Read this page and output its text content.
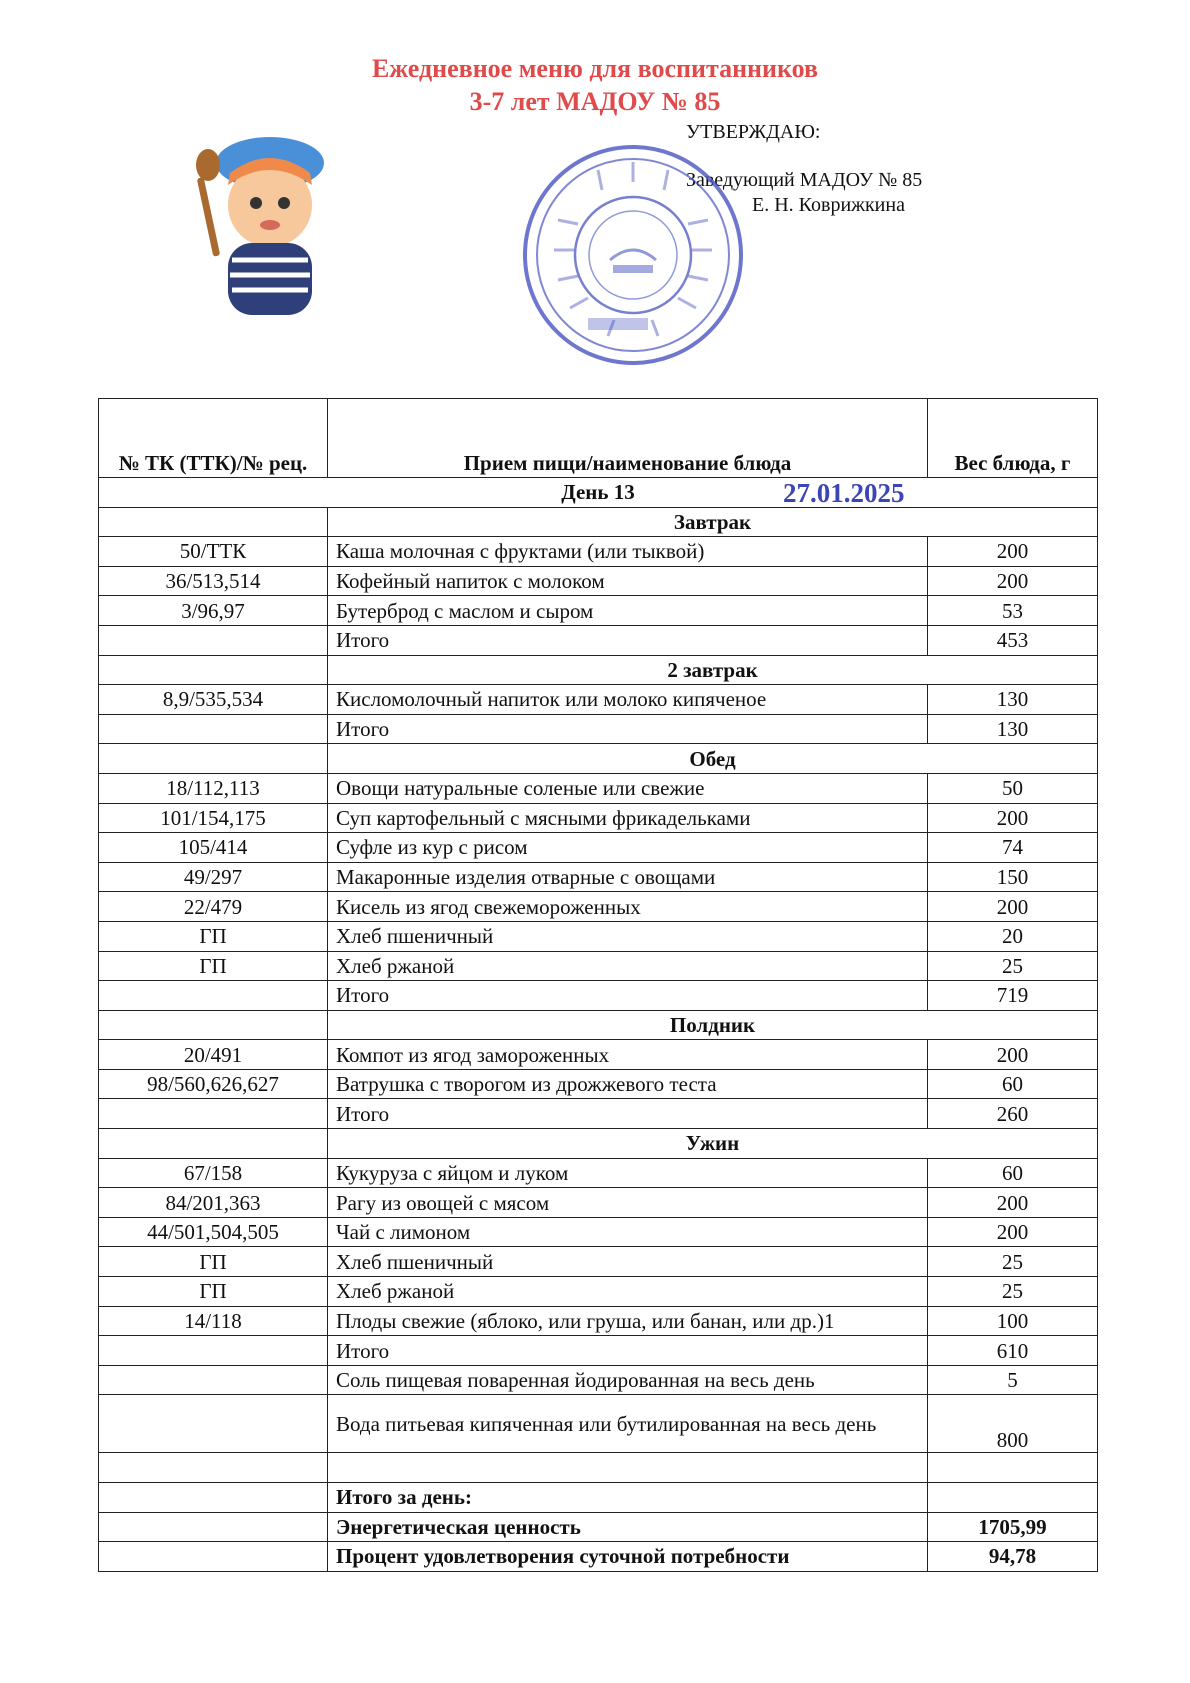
Ежедневное меню для воспитанников
3-7 лет МАДОУ № 85
УТВЕРЖДАЮ:
Заведующий МАДОУ № 85
Е. Н. Коврижкина
27.01.2025
№ ТК (ТТК)/№ рец.	Прием пищи/наименование блюда	Вес блюда, г
День 13		
	Завтрак	
50/ТТК	Каша молочная с фруктами (или тыквой)	200
36/513,514	Кофейный напиток с молоком	200
3/96,97	Бутерброд с маслом и сыром	53
	Итого	453
	2 завтрак	
8,9/535,534	Кисломолочный напиток или молоко кипяченое	130
	Итого	130
	Обед	
18/112,113	Овощи натуральные соленые или свежие	50
101/154,175	Суп картофельный с мясными фрикадельками	200
105/414	Суфле из кур с рисом	74
49/297	Макаронные изделия отварные с овощами	150
22/479	Кисель из ягод свежемороженных	200
ГП	Хлеб пшеничный	20
ГП	Хлеб ржаной	25
	Итого	719
	Полдник	
20/491	Компот из ягод замороженных	200
98/560,626,627	Ватрушка с творогом из дрожжевого теста	60
	Итого	260
	Ужин	
67/158	Кукуруза с яйцом и луком	60
84/201,363	Рагу из овощей с мясом	200
44/501,504,505	Чай с лимоном	200
ГП	Хлеб пшеничный	25
ГП	Хлеб ржаной	25
14/118	Плоды свежие (яблоко, или груша, или банан, или др.)1	100
	Итого	610
	Соль пищевая поваренная йодированная на весь день	5
	Вода питьевая кипяченная или бутилированная на весь день	800

	Итого за день:	
	Энергетическая ценность	1705,99
	Процент удовлетворения суточной потребности	94,78
